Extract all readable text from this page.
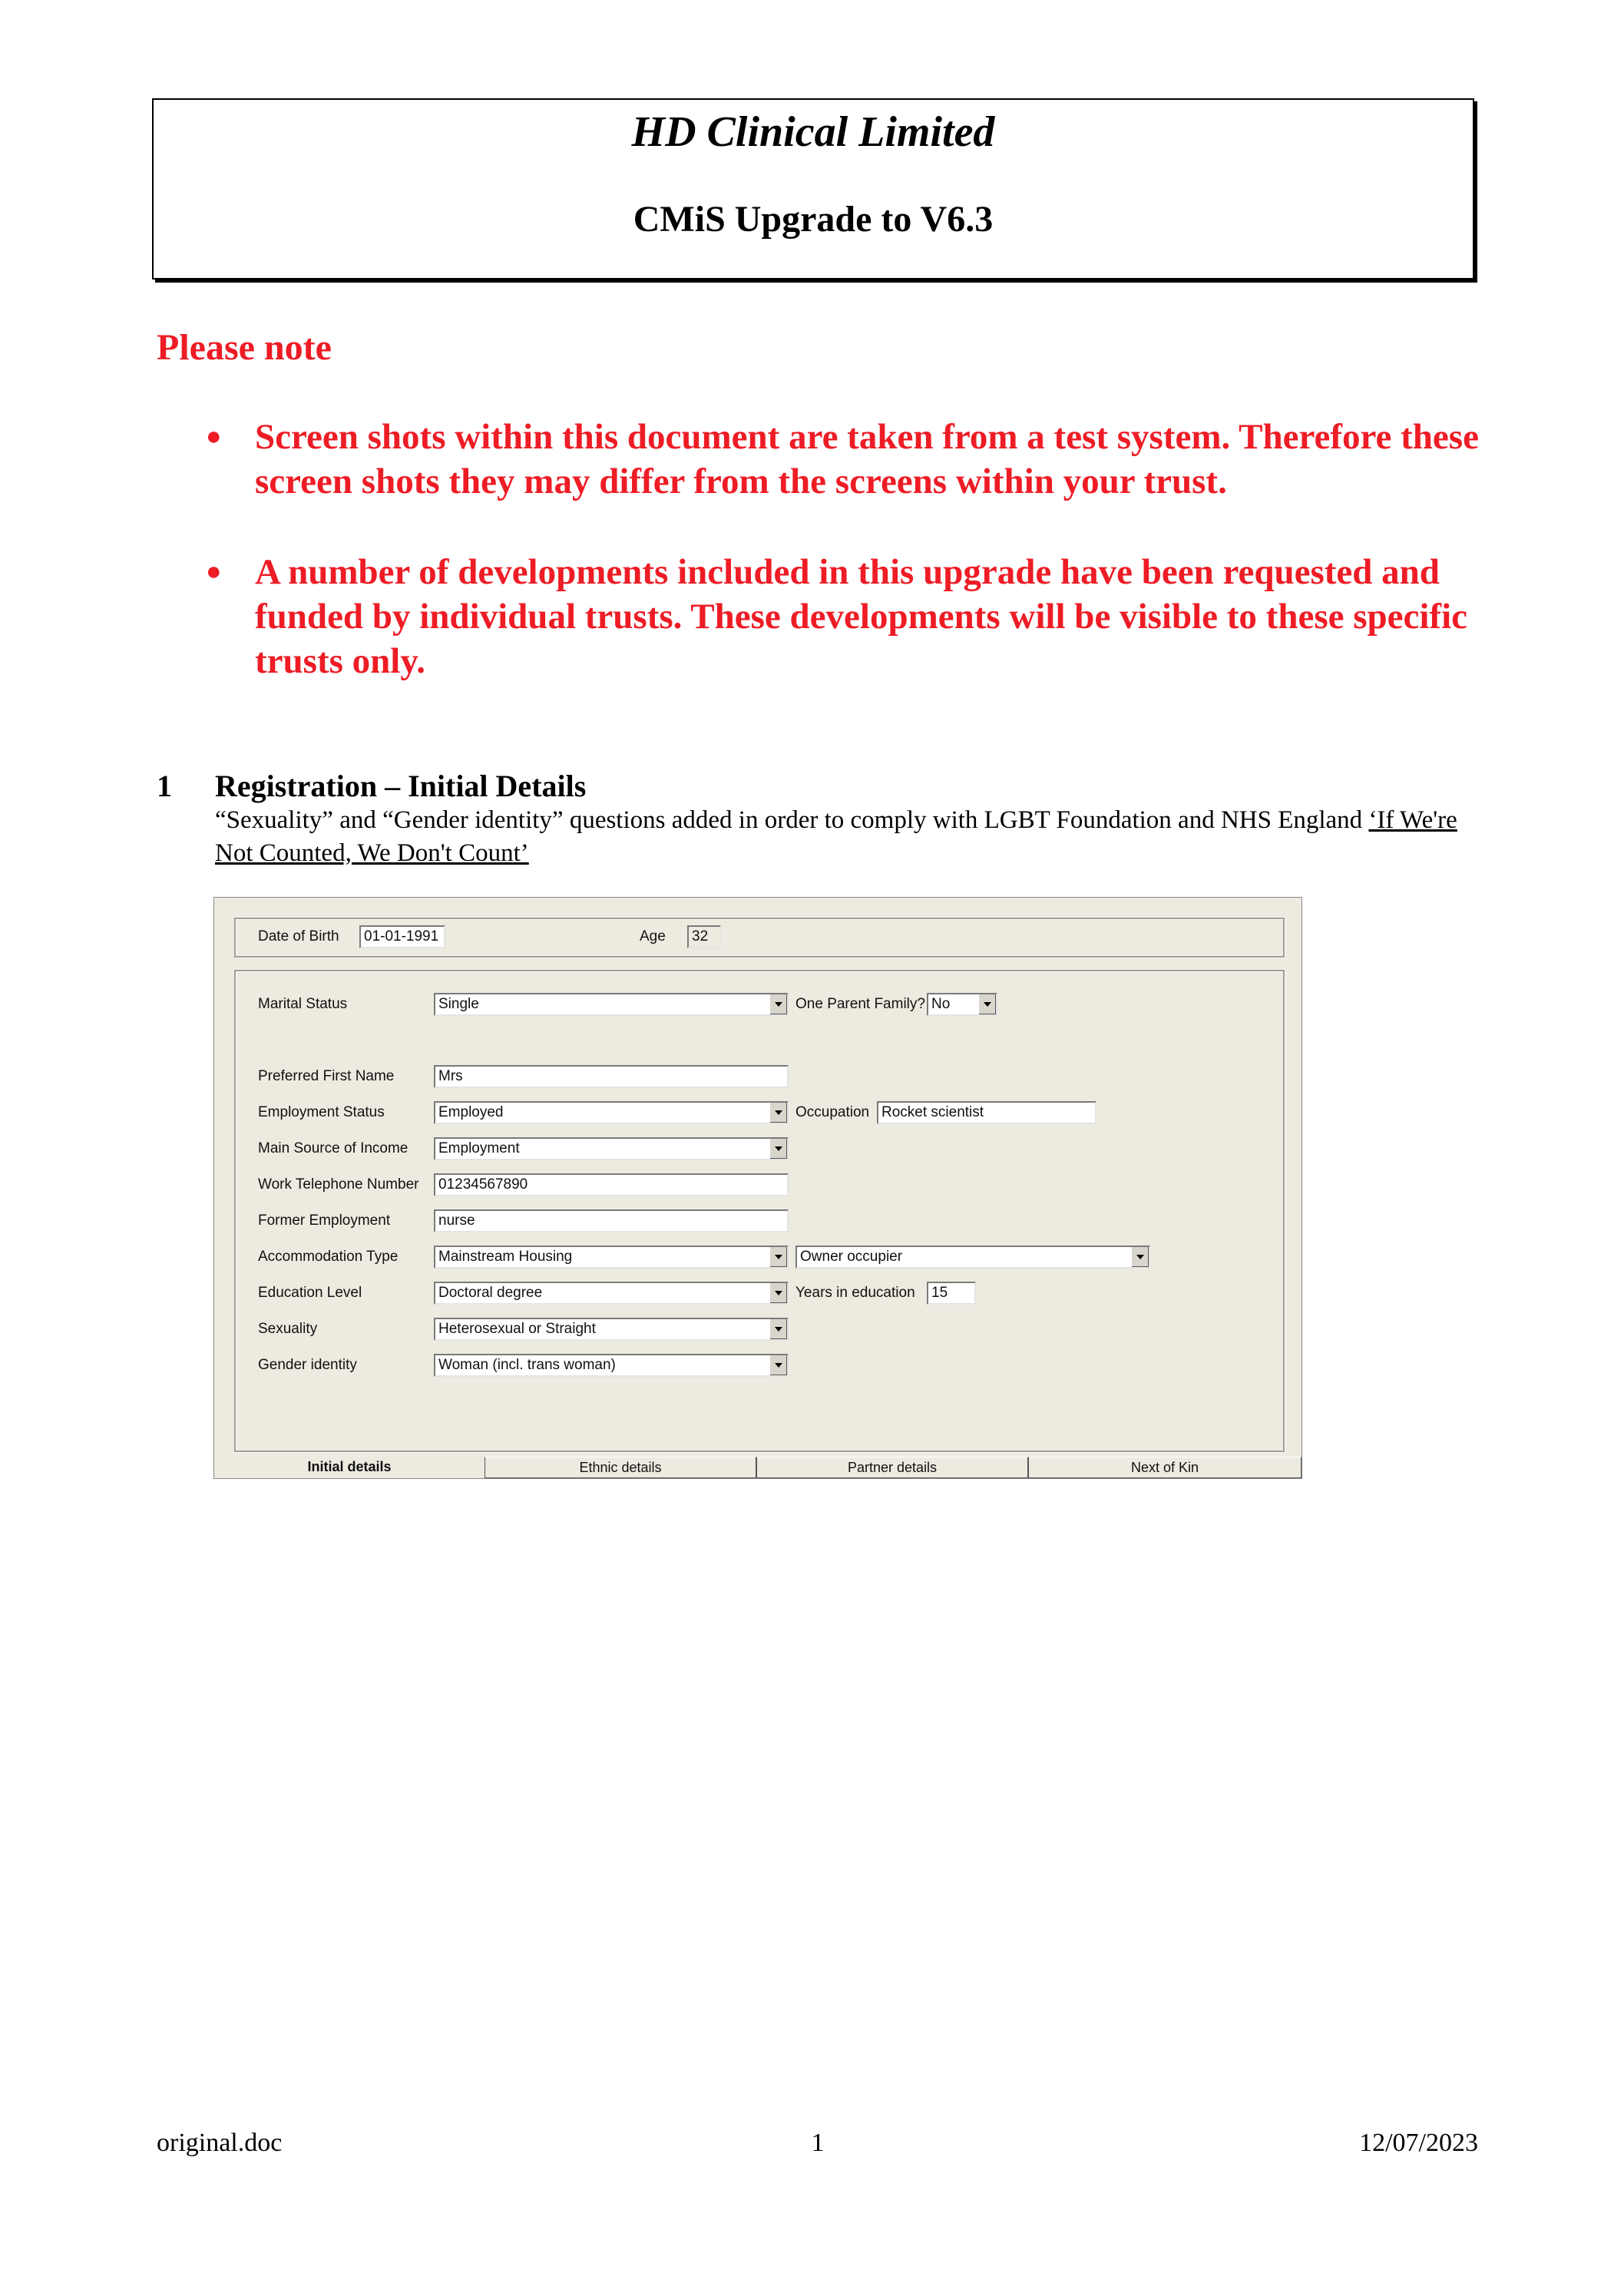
HD Clinical Limited
CMiS Upgrade to V6.3
Please note
● Screen shots within this document are taken from a test system. Therefore these screen shots they may differ from the screens within your trust.
● A number of developments included in this upgrade have been requested and funded by individual trusts. These developments will be visible to these specific trusts only.
1 Registration – Initial Details
“Sexuality” and “Gender identity” questions added in order to comply with LGBT Foundation and NHS England ‘If We're Not Counted, We Don't Count’
Date of Birth	01-01-1991	Age	32
Marital Status	Single	One Parent Family? No
Preferred First Name	Mrs
Employment Status	Employed	Occupation Rocket scientist
Main Source of Income Employment
Work Telephone Number	01234567890
Former Employment	nurse
Accommodation Type	Mainstream Housing	Owner occupier
Education Level	Doctoral degree	Years in education	15
Sexuality	Heterosexual or Straight
Gender identity	Woman (incl. trans woman)
Initial details	Ethnic details	Partner details	Next of Kin
original.doc	1	12/07/2023
